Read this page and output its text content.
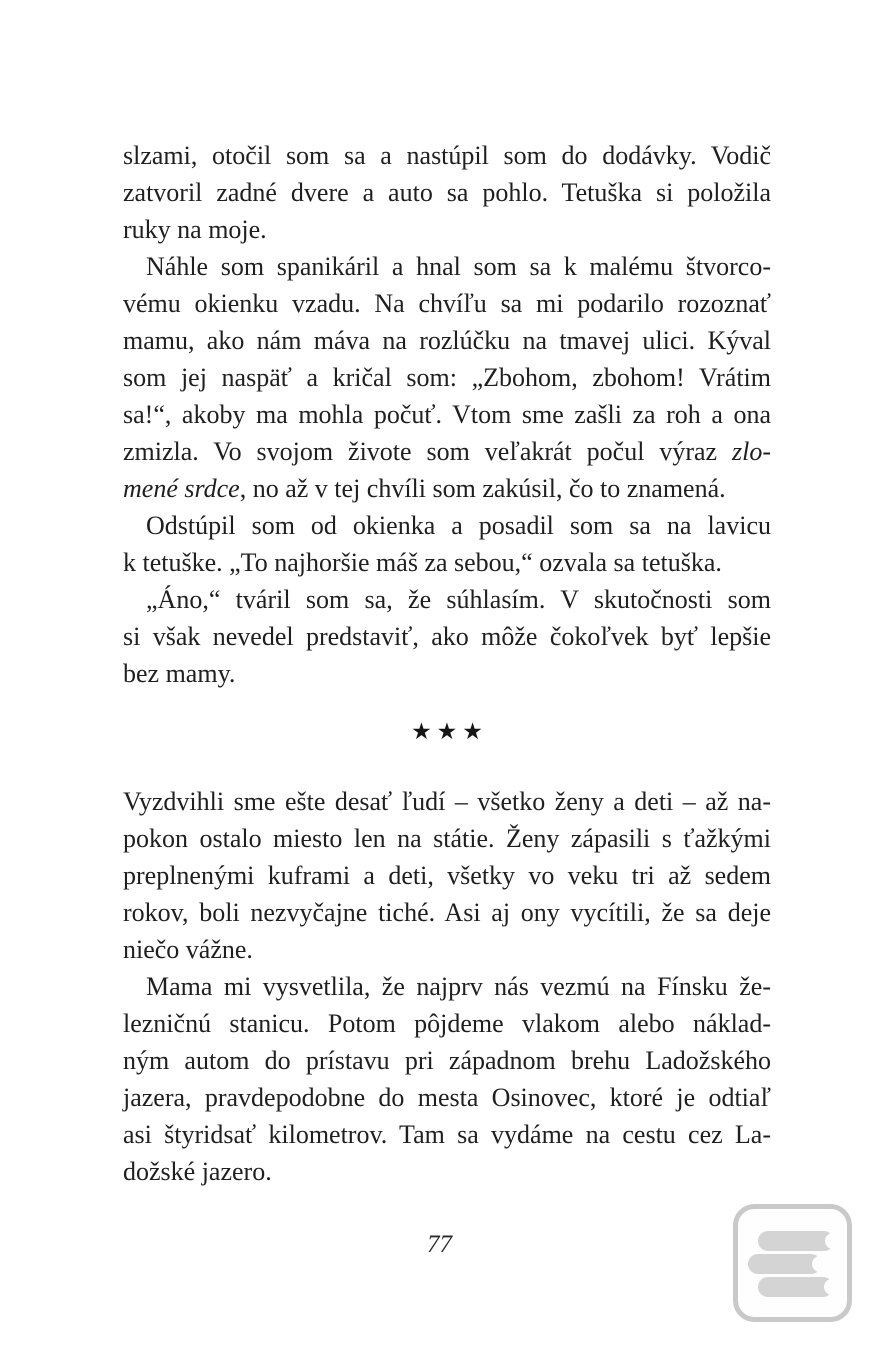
slzami, otočil som sa a nastúpil som do dodávky. Vodič
zatvoril zadné dvere a auto sa pohlo. Tetuška si položila
ruky na moje.
Náhle som spanikáril a hnal som sa k malému štvorco-
vému okienku vzadu. Na chvíľu sa mi podarilo rozoznať
mamu, ako nám máva na rozlúčku na tmavej ulici. Kýval
som jej naspäť a kričal som: „Zbohom, zbohom! Vrátim
sa!“, akoby ma mohla počuť. Vtom sme zašli za roh a ona
zmizla. Vo svojom živote som veľakrát počul výraz zlo-
mené srdce, no až v tej chvíli som zakúsil, čo to znamená.
Odstúpil som od okienka a posadil som sa na lavicu
k tetuške. „To najhoršie máš za sebou,“ ozvala sa tetuška.
„Áno,“ tváril som sa, že súhlasím. V skutočnosti som
si však nevedel predstaviť, ako môže čokoľvek byť lepšie
bez mamy.
★★★
Vyzdvihli sme ešte desať ľudí – všetko ženy a deti – až na-
pokon ostalo miesto len na státie. Ženy zápasili s ťažkými
preplnenými kuframi a deti, všetky vo veku tri až sedem
rokov, boli nezvyčajne tiché. Asi aj ony vycítili, že sa deje
niečo vážne.
Mama mi vysvetlila, že najprv nás vezmú na Fínsku že-
lezničnú stanicu. Potom pôjdeme vlakom alebo náklad-
ným autom do prístavu pri západnom brehu Ladožského
jazera, pravdepodobne do mesta Osinovec, ktoré je odtiaľ
asi štyridsať kilometrov. Tam sa vydáme na cestu cez La-
dožské jazero.
77
